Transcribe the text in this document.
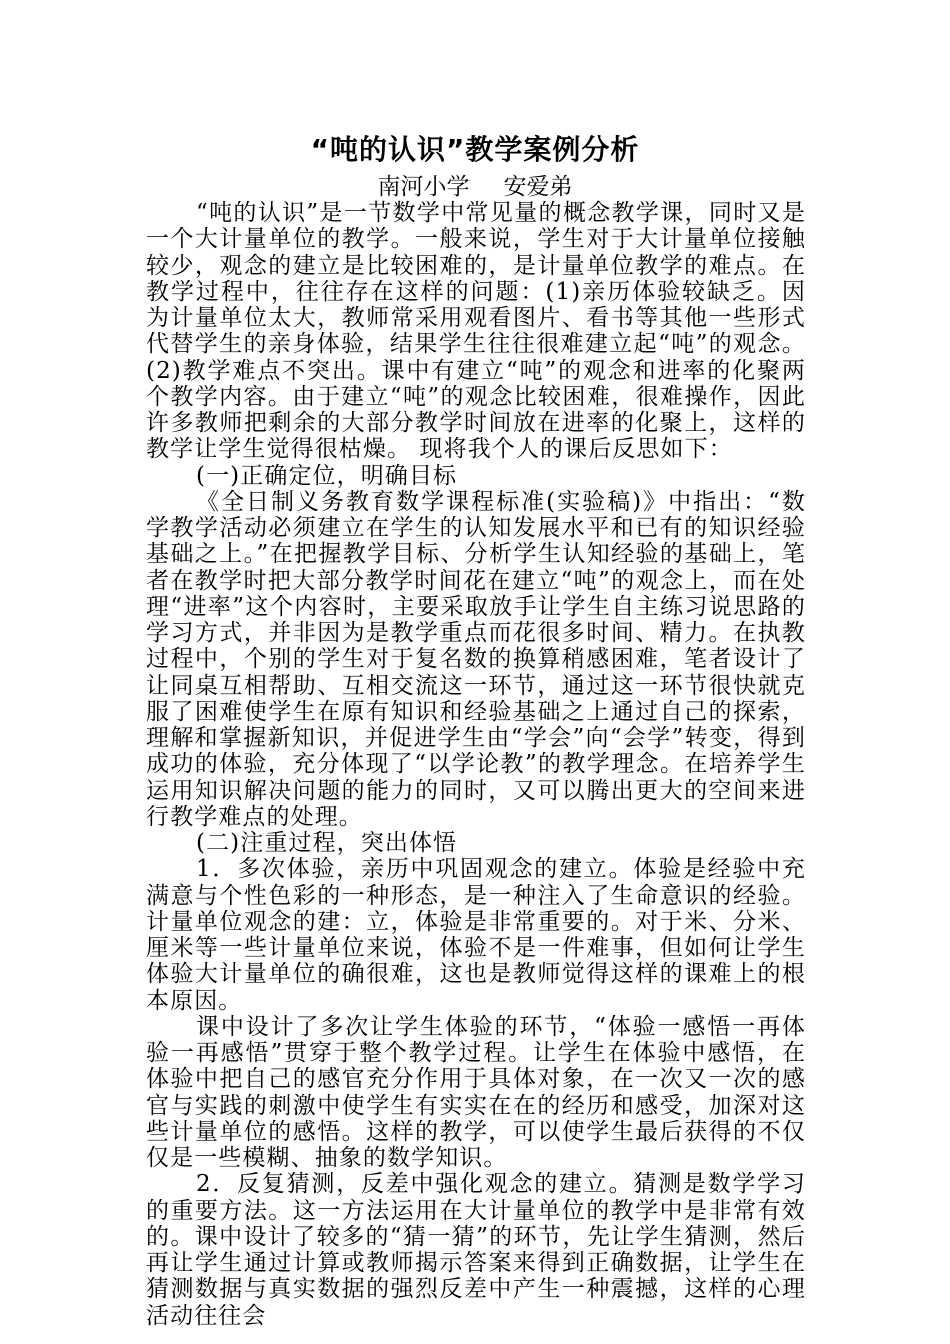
“吨的认识”教学案例分析
南河小学 安爱弟

“吨的认识”是一节数学中常见量的概念教学课，同时又是一个大计量单位的教学。一般来说，学生对于大计量单位接触较少，观念的建立是比较困难的，是计量单位教学的难点。在教学过程中，往往存在这样的问题：(1)亲历体验较缺乏。因为计量单位太大，教师常采用观看图片、看书等其他一些形式代替学生的亲身体验，结果学生往往很难建立起“吨”的观念。(2)教学难点不突出。课中有建立“吨”的观念和进率的化聚两个教学内容。由于建立“吨”的观念比较困难，很难操作，因此许多教师把剩余的大部分教学时间放在进率的化聚上，这样的教学让学生觉得很枯燥。 现将我个人的课后反思如下：

(一)正确定位，明确目标

《全日制义务教育数学课程标准(实验稿)》中指出：“数学教学活动必须建立在学生的认知发展水平和已有的知识经验基础之上。”在把握教学目标、分析学生认知经验的基础上，笔者在教学时把大部分教学时间花在建立“吨”的观念上，而在处理“进率”这个内容时，主要采取放手让学生自主练习说思路的学习方式，并非因为是教学重点而花很多时间、精力。在执教过程中，个别的学生对于复名数的换算稍感困难，笔者设计了让同桌互相帮助、互相交流这一环节，通过这一环节很快就克服了困难使学生在原有知识和经验基础之上通过自己的探索，理解和掌握新知识，并促进学生由“学会”向“会学”转变，得到成功的体验，充分体现了“以学论教”的教学理念。在培养学生运用知识解决问题的能力的同时，又可以腾出更大的空间来进行教学难点的处理。

(二)注重过程，突出体悟

1．多次体验，亲历中巩固观念的建立。体验是经验中充满意与个性色彩的一种形态，是一种注入了生命意识的经验。计量单位观念的建：立，体验是非常重要的。对于米、分米、厘米等一些计量单位来说，体验不是一件难事，但如何让学生体验大计量单位的确很难，这也是教师觉得这样的课难上的根本原因。

课中设计了多次让学生体验的环节，“体验一感悟一再体验一再感悟”贯穿于整个教学过程。让学生在体验中感悟，在体验中把自己的感官充分作用于具体对象，在一次又一次的感官与实践的刺激中使学生有实实在在的经历和感受，加深对这些计量单位的感悟。这样的教学，可以使学生最后获得的不仅仅是一些模糊、抽象的数学知识。

2．反复猜测，反差中强化观念的建立。猜测是数学学习的重要方法。这一方法运用在大计量单位的教学中是非常有效的。课中设计了较多的“猜一猜”的环节，先让学生猜测，然后再让学生通过计算或教师揭示答案来得到正确数据，让学生在猜测数据与真实数据的强烈反差中产生一种震撼，这样的心理活动往往会
